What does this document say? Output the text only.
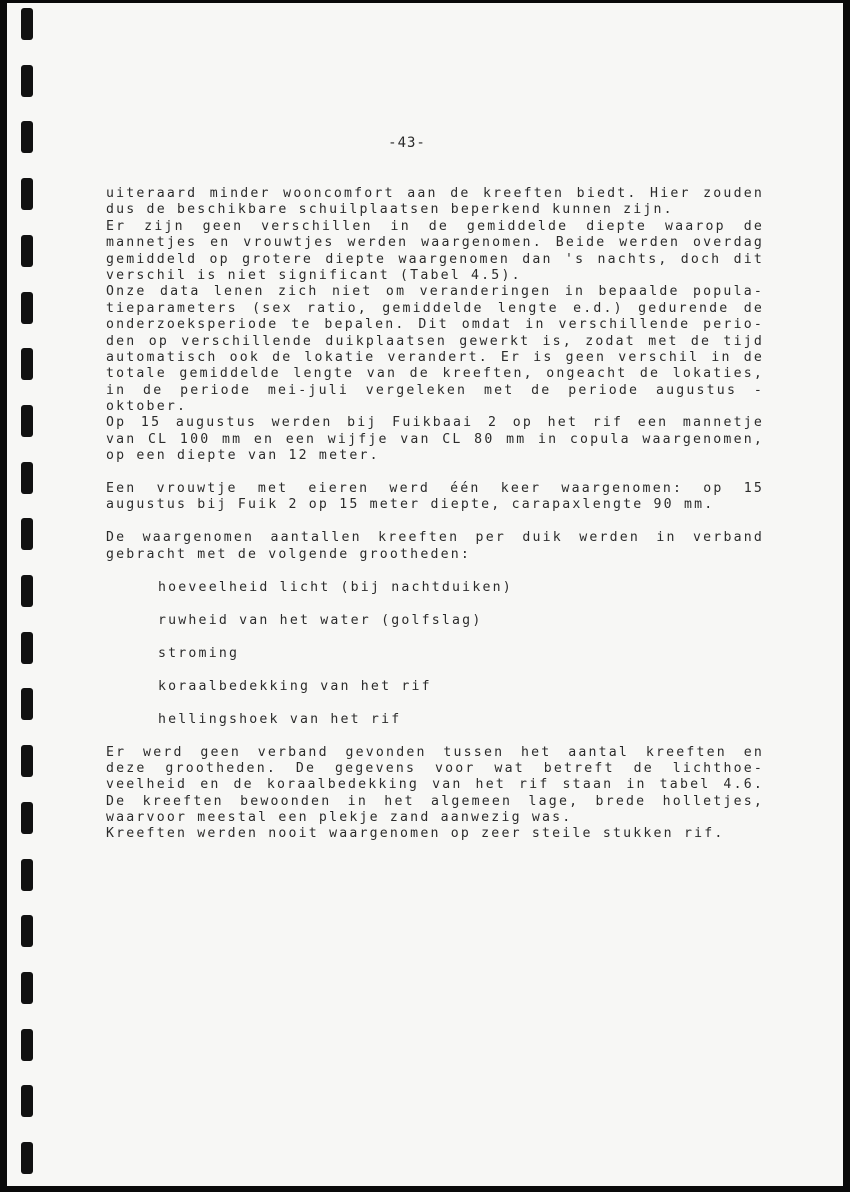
-43-
uiteraard minder wooncomfort aan de kreeften biedt. Hier zouden
dus de beschikbare schuilplaatsen beperkend kunnen zijn.
Er zijn geen verschillen in de gemiddelde diepte waarop de
mannetjes en vrouwtjes werden waargenomen. Beide werden overdag
gemiddeld op grotere diepte waargenomen dan 's nachts, doch dit
verschil is niet significant (Tabel 4.5).
Onze data lenen zich niet om veranderingen in bepaalde popula-
tieparameters (sex ratio, gemiddelde lengte e.d.) gedurende de
onderzoeksperiode te bepalen. Dit omdat in verschillende perio-
den op verschillende duikplaatsen gewerkt is, zodat met de tijd
automatisch ook de lokatie verandert. Er is geen verschil in de
totale gemiddelde lengte van de kreeften, ongeacht de lokaties,
in de periode mei-juli vergeleken met de periode augustus -
oktober.
Op 15 augustus werden bij Fuikbaai 2 op het rif een mannetje
van CL 100 mm en een wijfje van CL 80 mm in copula waargenomen,
op een diepte van 12 meter.
Een vrouwtje met eieren werd één keer waargenomen: op 15
augustus bij Fuik 2 op 15 meter diepte, carapaxlengte 90 mm.
De waargenomen aantallen kreeften per duik werden in verband
gebracht met de volgende grootheden:
hoeveelheid licht (bij nachtduiken)
ruwheid van het water (golfslag)
stroming
koraalbedekking van het rif
hellingshoek van het rif
Er werd geen verband gevonden tussen het aantal kreeften en
deze grootheden. De gegevens voor wat betreft de lichthoe-
veelheid en de koraalbedekking van het rif staan in tabel 4.6.
De kreeften bewoonden in het algemeen lage, brede holletjes,
waarvoor meestal een plekje zand aanwezig was.
Kreeften werden nooit waargenomen op zeer steile stukken rif.
